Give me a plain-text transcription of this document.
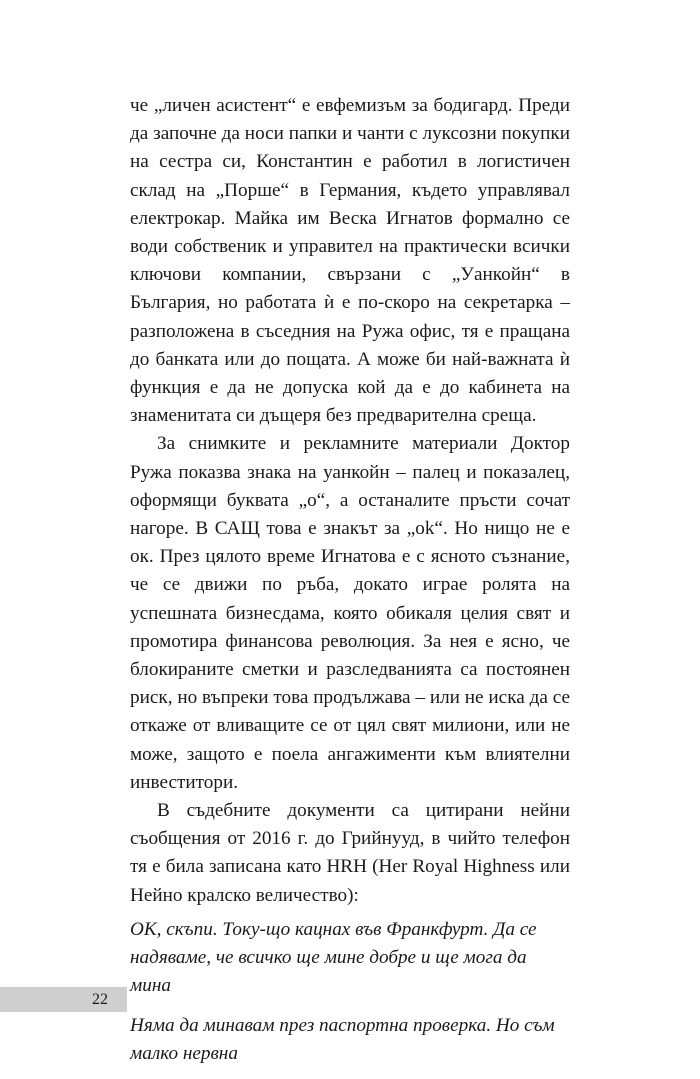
че „личен асистент“ е евфемизъм за бодигард. Преди да започне да носи папки и чанти с луксозни покупки на сестра си, Константин е работил в логистичен склад на „Порше“ в Германия, където управлявал електрокар. Майка им Веска Игнатов формално се води собственик и управител на практически всички ключови компании, свързани с „Уанкойн“ в България, но работата ѝ е по-скоро на секретарка – разположена в съседния на Ружа офис, тя е пращана до банката или до пощата. А може би най-важната ѝ функция е да не допуска кой да е до кабинета на знаменитата си дъщеря без предварителна среща.

За снимките и рекламните материали Доктор Ружа показва знака на уанкойн – палец и показалец, оформящи буквата „о“, а останалите пръсти сочат нагоре. В САЩ това е знакът за „ok“. Но нищо не е ок. През цялото време Игнатова е с ясното съзнание, че се движи по ръба, докато играе ролята на успешната бизнесдама, която обикаля целия свят и промотира финансова революция. За нея е ясно, че блокираните сметки и разследванията са постоянен риск, но въпреки това продължава – или не иска да се откаже от вливащите се от цял свят милиони, или не може, защото е поела ангажименти към влиятелни инвеститори.

В съдебните документи са цитирани нейни съобщения от 2016 г. до Грийнууд, в чийто телефон тя е била записана като HRH (Her Royal Highness или Нейно кралско величество):

ОК, скъпи. Току-що кацнах във Франкфурт. Да се надяваме, че всичко ще мине добре и ще мога да мина

Няма да минавам през паспортна проверка. Но съм малко нервна

22
